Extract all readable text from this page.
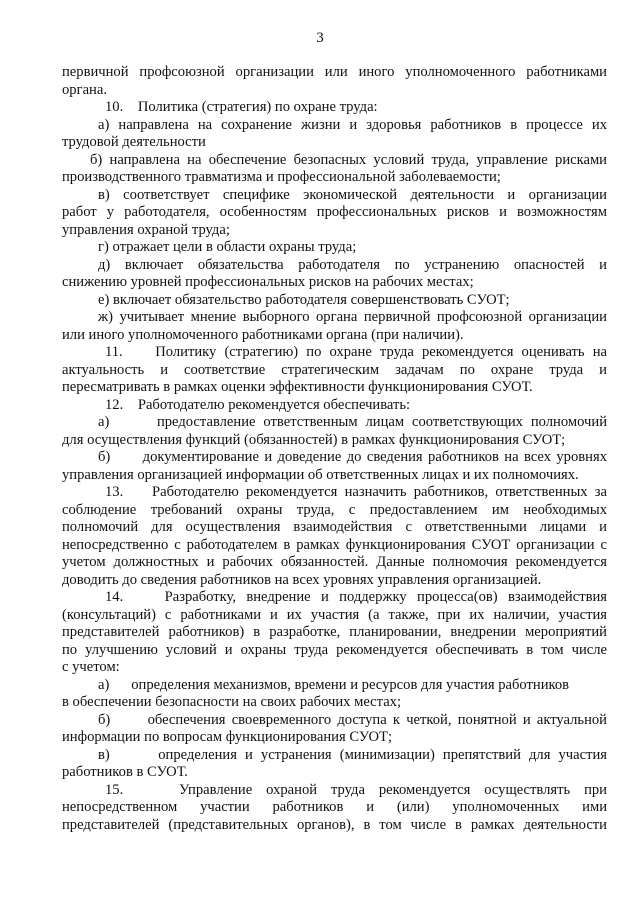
3
первичной профсоюзной организации или иного уполномоченного работниками
органа.
10.    Политика (стратегия) по охране труда:
а) направлена на сохранение жизни и здоровья работников в процессе их
трудовой деятельности
б) направлена на обеспечение безопасных условий труда, управление рисками
производственного травматизма и профессиональной заболеваемости;
в) соответствует специфике экономической деятельности и организации
работ у работодателя, особенностям профессиональных рисков и возможностям
управления охраной труда;
г) отражает цели в области охраны труда;
д) включает обязательства работодателя по устранению опасностей и
снижению уровней профессиональных рисков на рабочих местах;
е) включает обязательство работодателя совершенствовать СУОТ;
ж) учитывает мнение выборного органа первичной профсоюзной организации
или иного уполномоченного работниками органа (при наличии).
11.    Политику (стратегию) по охране труда рекомендуется оценивать на
актуальность и соответствие стратегическим задачам по охране труда и
пересматривать в рамках оценки эффективности функционирования СУОТ.
12.    Работодателю рекомендуется обеспечивать:
а)      предоставление ответственным лицам соответствующих полномочий
для осуществления функций (обязанностей) в рамках функционирования СУОТ;
б)      документирование и доведение до сведения работников на всех уровнях
управления организацией информации об ответственных лицах и их полномочиях.
13.    Работодателю рекомендуется назначить работников, ответственных за
соблюдение требований охраны труда, с предоставлением им необходимых
полномочий для осуществления взаимодействия с ответственными лицами и
непосредственно с работодателем в рамках функционирования СУОТ организации с
учетом должностных и рабочих обязанностей. Данные полномочия рекомендуется
доводить до сведения работников на всех уровнях управления организацией.
14.    Разработку, внедрение и поддержку процесса(ов) взаимодействия
(консультаций) с работниками и их участия (а также, при их наличии, участия
представителей работников) в разработке, планировании, внедрении мероприятий
по улучшению условий и охраны труда рекомендуется обеспечивать в том числе
с учетом:
а)      определения механизмов, времени и ресурсов для участия работников
в обеспечении безопасности на своих рабочих местах;
б)      обеспечения своевременного доступа к четкой, понятной и актуальной
информации по вопросам функционирования СУОТ;
в)      определения и устранения (минимизации) препятствий для участия
работников в СУОТ.
15.    Управление охраной труда рекомендуется осуществлять при
непосредственном участии работников и (или) уполномоченных ими
представителей (представительных органов), в том числе в рамках деятельности
